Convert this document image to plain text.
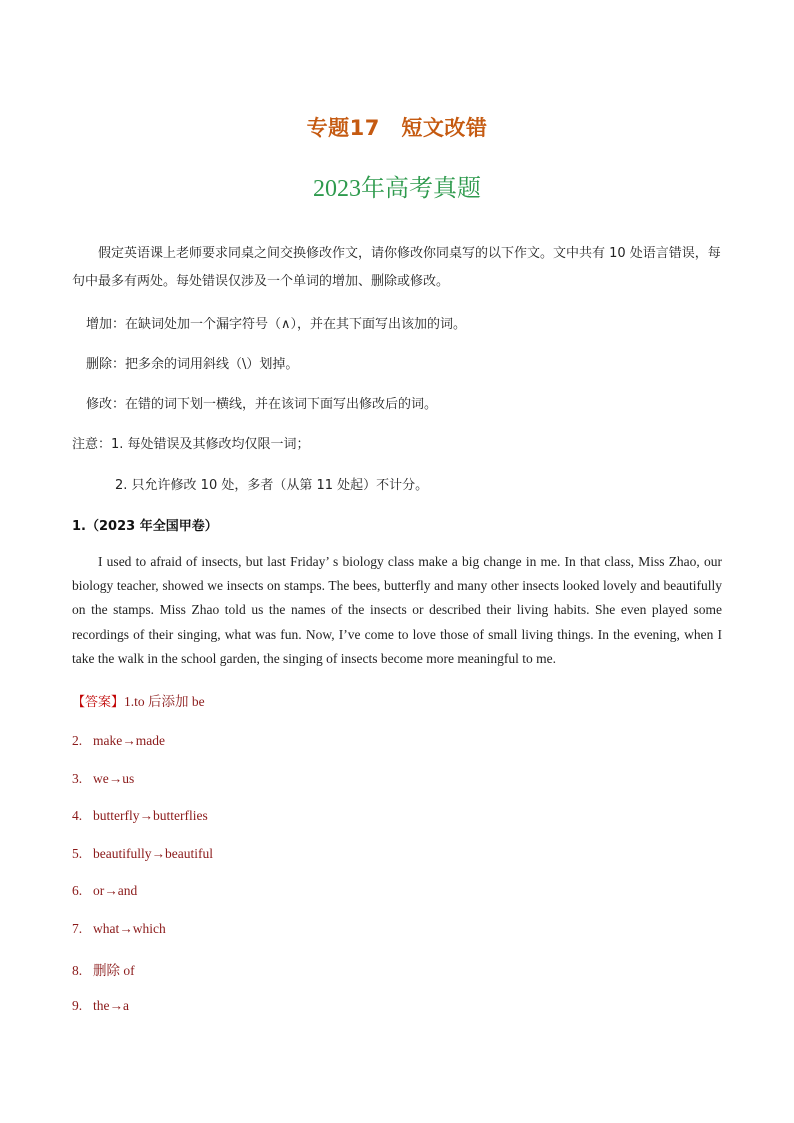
专题17　短文改错
2023年高考真题
假定英语课上老师要求同桌之间交换修改作文，请你修改你同桌写的以下作文。文中共有 10 处语言错误，每句中最多有两处。每处错误仅涉及一个单词的增加、删除或修改。
增加：在缺词处加一个漏字符号（∧），并在其下面写出该加的词。
删除：把多余的词用斜线（\）划掉。
修改：在错的词下划一横线，并在该词下面写出修改后的词。
注意：1. 每处错误及其修改均仅限一词；
2. 只允许修改 10 处，多者（从第 11 处起）不计分。
1.（2023 年全国甲卷）
I used to afraid of insects, but last Friday’ s biology class make a big change in me. In that class, Miss Zhao, our biology teacher, showed we insects on stamps. The bees, butterfly and many other insects looked lovely and beautifully on the stamps. Miss Zhao told us the names of the insects or described their living habits. She even played some recordings of their singing, what was fun. Now, I’ve come to love those of small living things. In the evening, when I take the walk in the school garden, the singing of insects become more meaningful to me.
【答案】1.to 后添加 be
2. make→made
3. we→us
4. butterfly→butterflies
5. beautifully→beautiful
6. or→and
7. what→which
8. 删除 of
9. the→a
